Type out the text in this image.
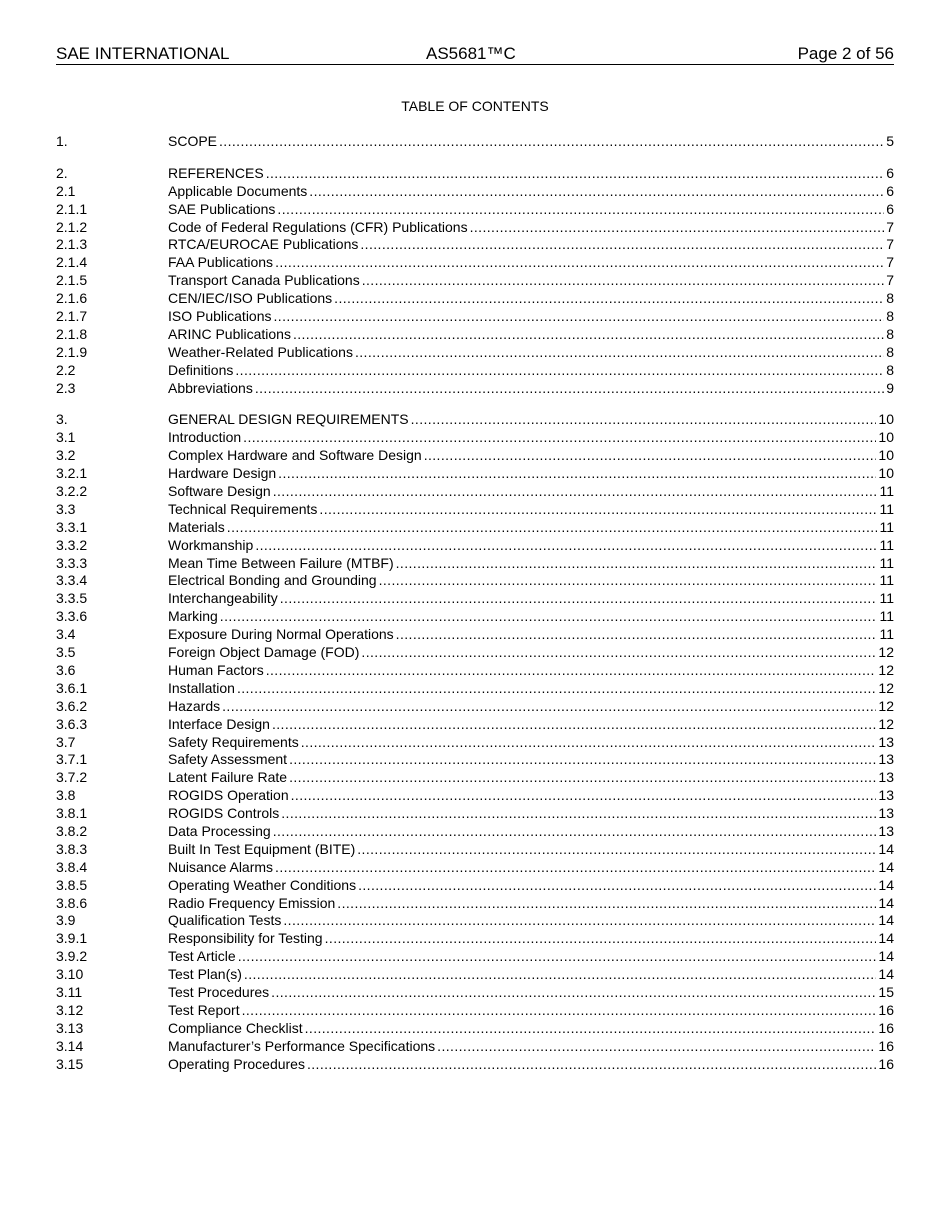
SAE INTERNATIONAL	AS5681™C	Page 2 of 56
TABLE OF CONTENTS
1.	SCOPE .....	5
2.	REFERENCES .....	6
2.1	Applicable Documents .....	6
2.1.1	SAE Publications .....	6
2.1.2	Code of Federal Regulations (CFR) Publications .....	7
2.1.3	RTCA/EUROCAE Publications .....	7
2.1.4	FAA Publications .....	7
2.1.5	Transport Canada Publications .....	7
2.1.6	CEN/IEC/ISO Publications .....	8
2.1.7	ISO Publications .....	8
2.1.8	ARINC Publications .....	8
2.1.9	Weather-Related Publications .....	8
2.2	Definitions .....	8
2.3	Abbreviations .....	9
3.	GENERAL DESIGN REQUIREMENTS .....	10
3.1	Introduction .....	10
3.2	Complex Hardware and Software Design .....	10
3.2.1	Hardware Design .....	10
3.2.2	Software Design .....	11
3.3	Technical Requirements .....	11
3.3.1	Materials .....	11
3.3.2	Workmanship .....	11
3.3.3	Mean Time Between Failure (MTBF) .....	11
3.3.4	Electrical Bonding and Grounding .....	11
3.3.5	Interchangeability .....	11
3.3.6	Marking .....	11
3.4	Exposure During Normal Operations .....	11
3.5	Foreign Object Damage (FOD) .....	12
3.6	Human Factors .....	12
3.6.1	Installation .....	12
3.6.2	Hazards .....	12
3.6.3	Interface Design .....	12
3.7	Safety Requirements .....	13
3.7.1	Safety Assessment .....	13
3.7.2	Latent Failure Rate .....	13
3.8	ROGIDS Operation .....	13
3.8.1	ROGIDS Controls .....	13
3.8.2	Data Processing .....	13
3.8.3	Built In Test Equipment (BITE) .....	14
3.8.4	Nuisance Alarms .....	14
3.8.5	Operating Weather Conditions .....	14
3.8.6	Radio Frequency Emission .....	14
3.9	Qualification Tests .....	14
3.9.1	Responsibility for Testing .....	14
3.9.2	Test Article .....	14
3.10	Test Plan(s) .....	14
3.11	Test Procedures .....	15
3.12	Test Report .....	16
3.13	Compliance Checklist .....	16
3.14	Manufacturer’s Performance Specifications .....	16
3.15	Operating Procedures .....	16
